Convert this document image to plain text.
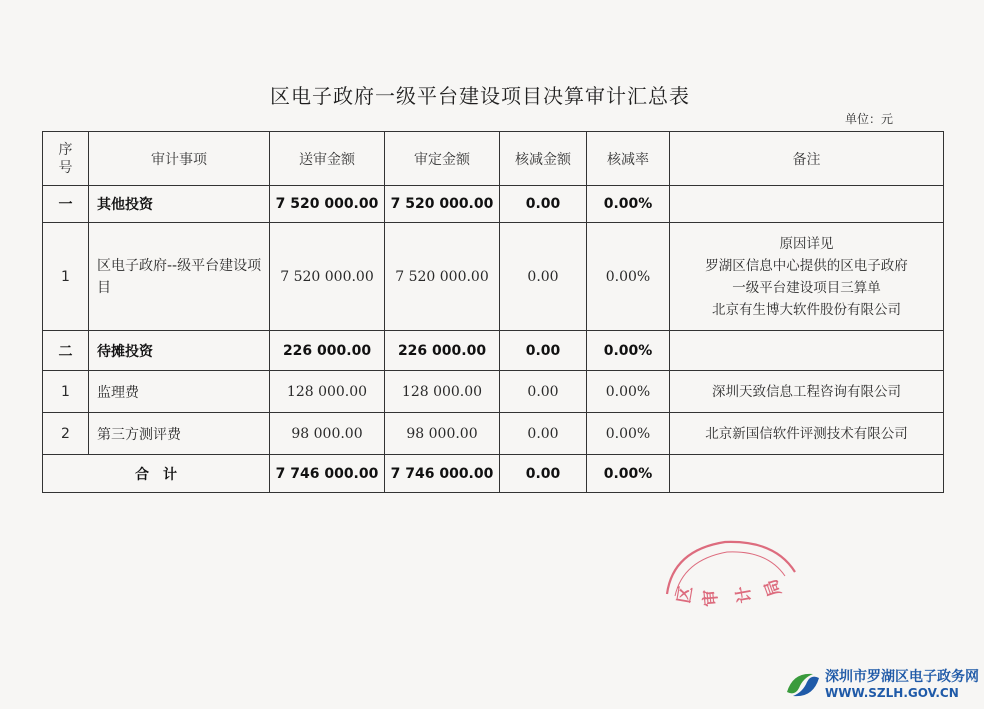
区电子政府一级平台建设项目决算审计汇总表
单位：元
序号	审计事项	送审金额	审定金额	核减金额	核减率	备注
一	其他投资	7 520 000.00	7 520 000.00	0.00	0.00%	
1	区电子政府--级平台建设项目	7 520 000.00	7 520 000.00	0.00	0.00%	原因详见
罗湖区信息中心提供的区电子政府
一级平台建设项目三算单
北京有生博大软件股份有限公司

二	待摊投资	226 000.00	226 000.00	0.00	0.00%	
1	监理费	128 000.00	128 000.00	0.00	0.00%	深圳天致信息工程咨询有限公司
2	第三方测评费	98 000.00	98 000.00	0.00	0.00%	北京新国信软件评测技术有限公司
合　计		7 746 000.00	7 746 000.00	0.00	0.00%	
区 审 计 局
深圳市罗湖区电子政务网
WWW.SZLH.GOV.CN
